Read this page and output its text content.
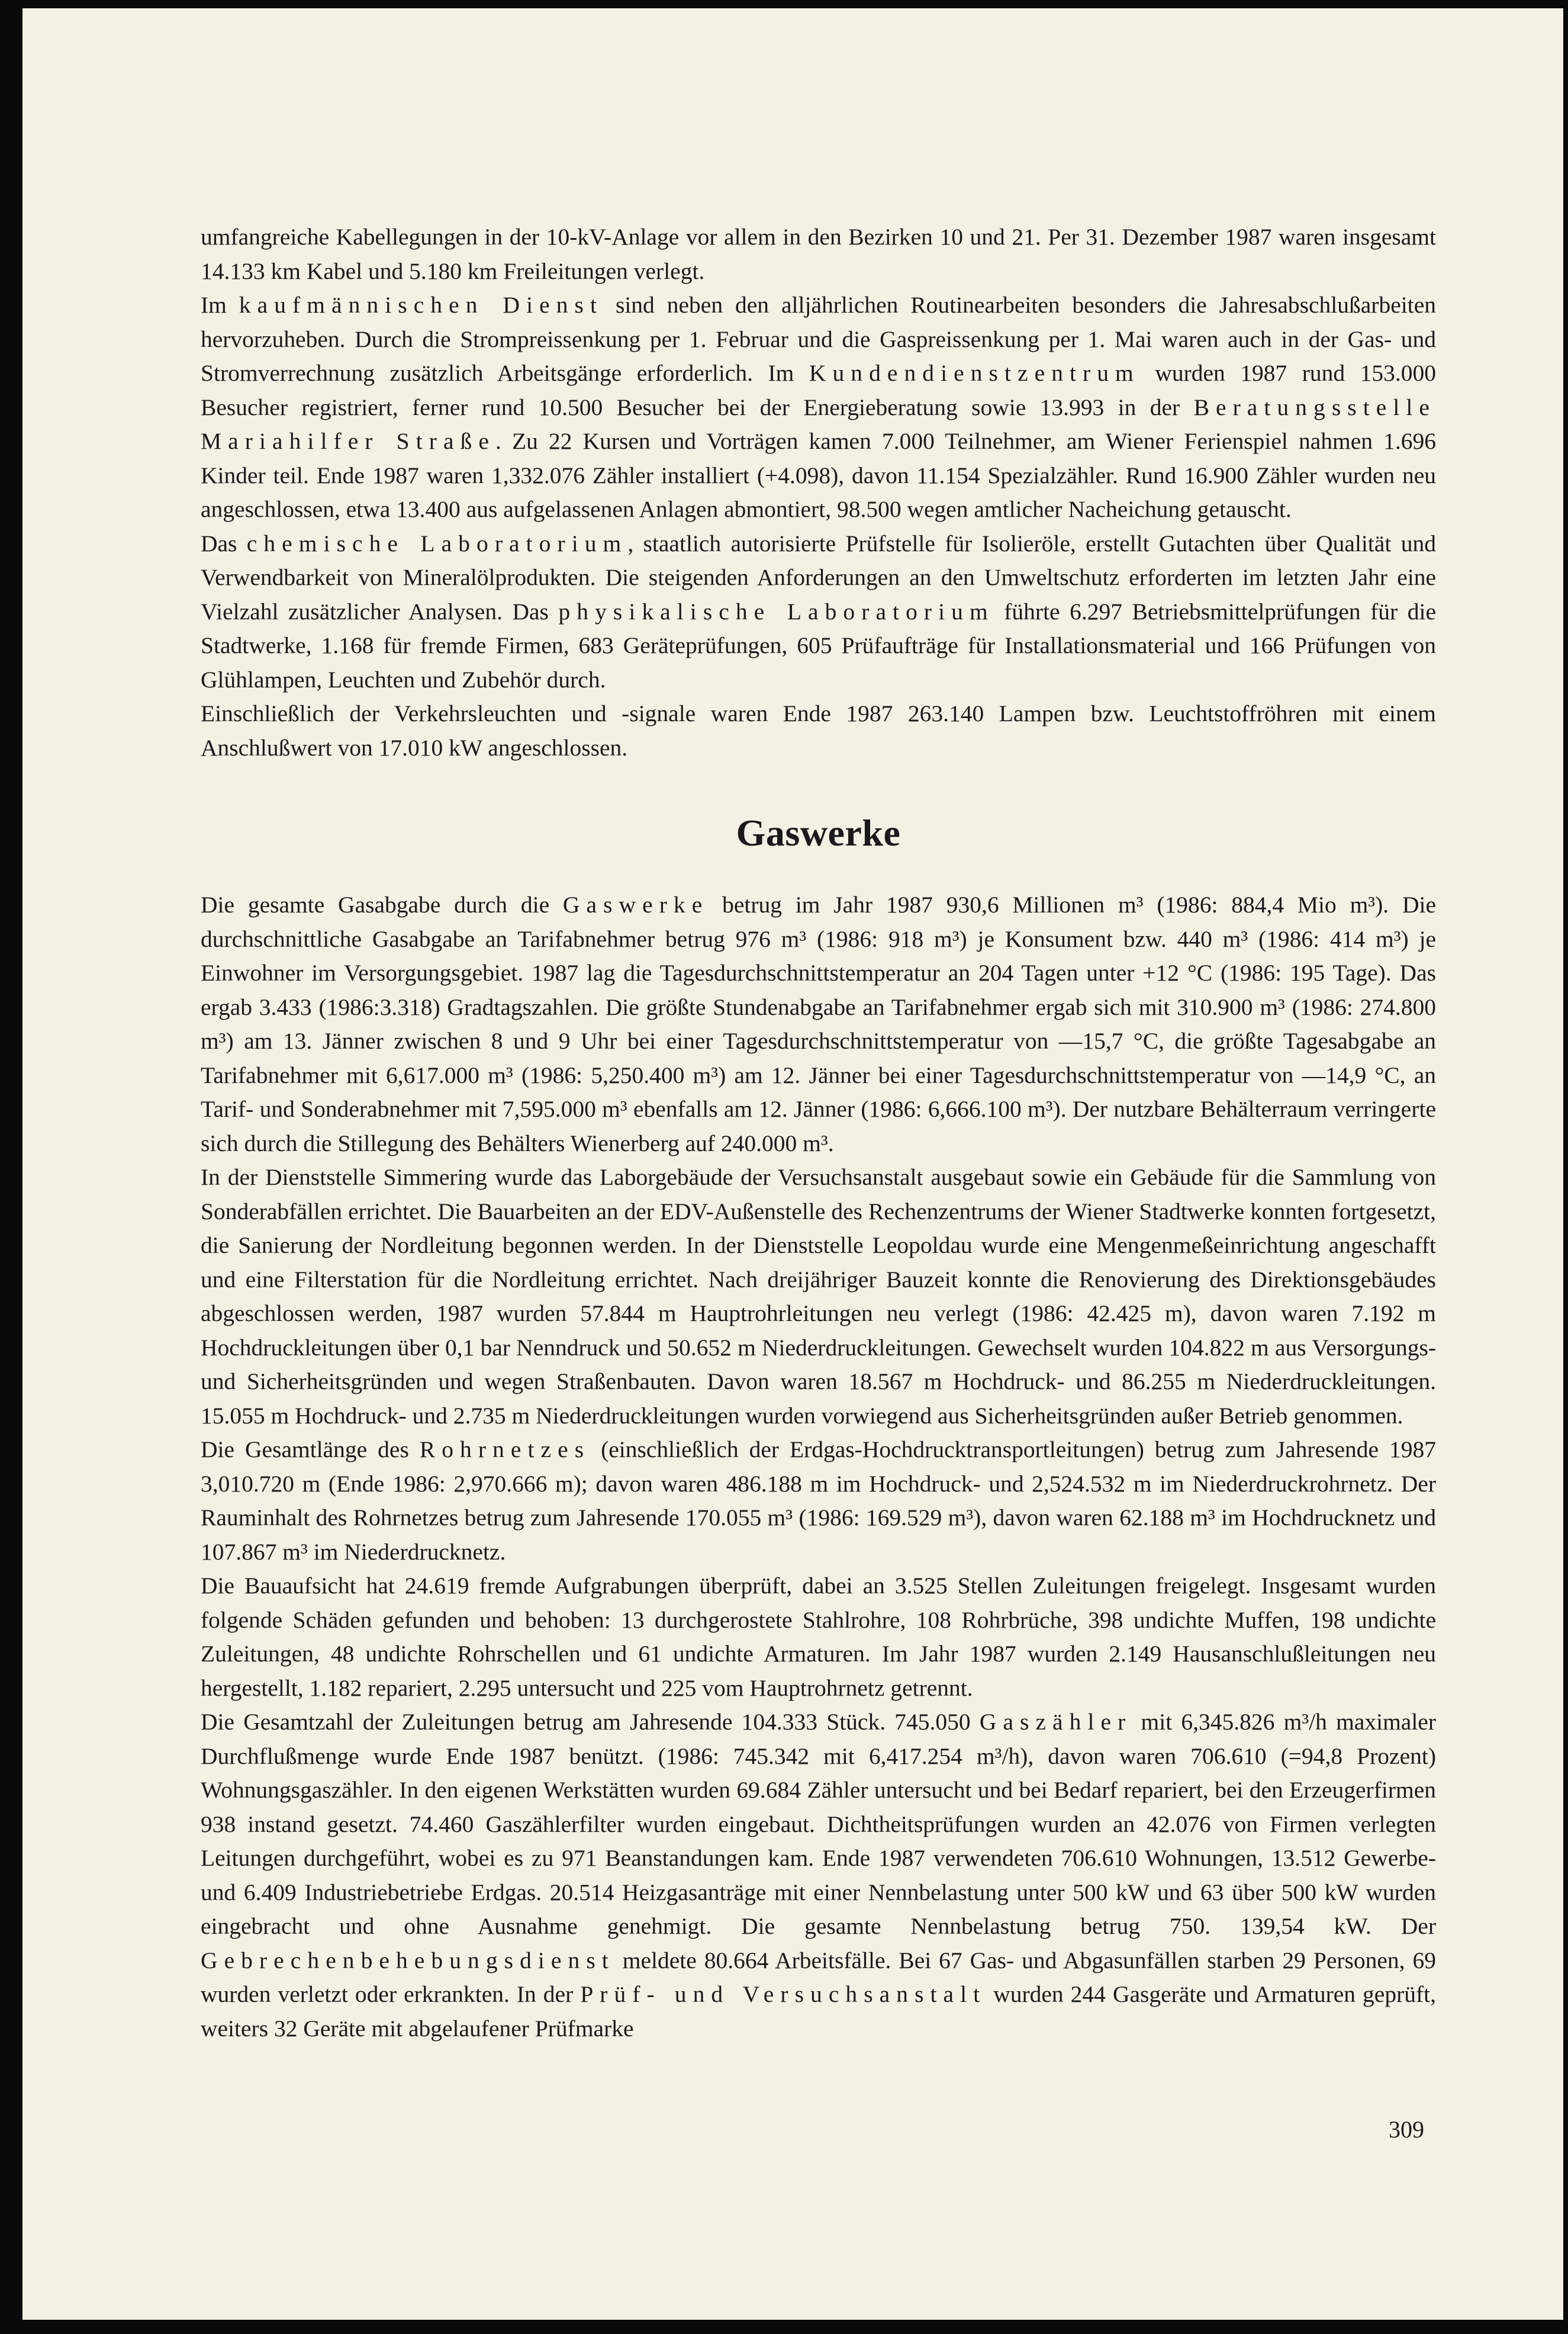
umfangreiche Kabellegungen in der 10-kV-Anlage vor allem in den Bezirken 10 und 21. Per 31. Dezember 1987 waren insgesamt 14.133 km Kabel und 5.180 km Freileitungen verlegt.

Im kaufmännischen Dienst sind neben den alljährlichen Routinearbeiten besonders die Jahresabschlußarbeiten hervorzuheben. Durch die Strompreissenkung per 1. Februar und die Gaspreissenkung per 1. Mai waren auch in der Gas- und Stromverrechnung zusätzlich Arbeitsgänge erforderlich. Im Kundendienstzentrum wurden 1987 rund 153.000 Besucher registriert, ferner rund 10.500 Besucher bei der Energieberatung sowie 13.993 in der Beratungsstelle Mariahilfer Straße. Zu 22 Kursen und Vorträgen kamen 7.000 Teilnehmer, am Wiener Ferienspiel nahmen 1.696 Kinder teil. Ende 1987 waren 1,332.076 Zähler installiert (+4.098), davon 11.154 Spezialzähler. Rund 16.900 Zähler wurden neu angeschlossen, etwa 13.400 aus aufgelassenen Anlagen abmontiert, 98.500 wegen amtlicher Nacheichung getauscht.

Das chemische Laboratorium, staatlich autorisierte Prüfstelle für Isolieröle, erstellt Gutachten über Qualität und Verwendbarkeit von Mineralölprodukten. Die steigenden Anforderungen an den Umweltschutz erforderten im letzten Jahr eine Vielzahl zusätzlicher Analysen. Das physikalische Laboratorium führte 6.297 Betriebsmittelprüfungen für die Stadtwerke, 1.168 für fremde Firmen, 683 Geräteprüfungen, 605 Prüfaufträge für Installationsmaterial und 166 Prüfungen von Glühlampen, Leuchten und Zubehör durch.

Einschließlich der Verkehrsleuchten und -signale waren Ende 1987 263.140 Lampen bzw. Leuchtstoffröhren mit einem Anschlußwert von 17.010 kW angeschlossen.

Gaswerke

Die gesamte Gasabgabe durch die Gaswerke betrug im Jahr 1987 930,6 Millionen m³ (1986: 884,4 Mio m³). Die durchschnittliche Gasabgabe an Tarifabnehmer betrug 976 m³ (1986: 918 m³) je Konsument bzw. 440 m³ (1986: 414 m³) je Einwohner im Versorgungsgebiet. 1987 lag die Tagesdurchschnittstemperatur an 204 Tagen unter +12 °C (1986: 195 Tage). Das ergab 3.433 (1986:3.318) Gradtagszahlen. Die größte Stundenabgabe an Tarifabnehmer ergab sich mit 310.900 m³ (1986: 274.800 m³) am 13. Jänner zwischen 8 und 9 Uhr bei einer Tagesdurchschnittstemperatur von —15,7 °C, die größte Tagesabgabe an Tarifabnehmer mit 6,617.000 m³ (1986: 5,250.400 m³) am 12. Jänner bei einer Tagesdurchschnittstemperatur von —14,9 °C, an Tarif- und Sonderabnehmer mit 7,595.000 m³ ebenfalls am 12. Jänner (1986: 6,666.100 m³). Der nutzbare Behälterraum verringerte sich durch die Stillegung des Behälters Wienerberg auf 240.000 m³.

In der Dienststelle Simmering wurde das Laborgebäude der Versuchsanstalt ausgebaut sowie ein Gebäude für die Sammlung von Sonderabfällen errichtet. Die Bauarbeiten an der EDV-Außenstelle des Rechenzentrums der Wiener Stadtwerke konnten fortgesetzt, die Sanierung der Nordleitung begonnen werden. In der Dienststelle Leopoldau wurde eine Mengenmeßeinrichtung angeschafft und eine Filterstation für die Nordleitung errichtet. Nach dreijähriger Bauzeit konnte die Renovierung des Direktionsgebäudes abgeschlossen werden, 1987 wurden 57.844 m Hauptrohrleitungen neu verlegt (1986: 42.425 m), davon waren 7.192 m Hochdruckleitungen über 0,1 bar Nenndruck und 50.652 m Niederdruckleitungen. Gewechselt wurden 104.822 m aus Versorgungs- und Sicherheitsgründen und wegen Straßenbauten. Davon waren 18.567 m Hochdruck- und 86.255 m Niederdruckleitungen. 15.055 m Hochdruck- und 2.735 m Niederdruckleitungen wurden vorwiegend aus Sicherheitsgründen außer Betrieb genommen.

Die Gesamtlänge des Rohrnetzes (einschließlich der Erdgas-Hochdrucktransportleitungen) betrug zum Jahresende 1987 3,010.720 m (Ende 1986: 2,970.666 m); davon waren 486.188 m im Hochdruck- und 2,524.532 m im Niederdruckrohrnetz. Der Rauminhalt des Rohrnetzes betrug zum Jahresende 170.055 m³ (1986: 169.529 m³), davon waren 62.188 m³ im Hochdrucknetz und 107.867 m³ im Niederdrucknetz.

Die Bauaufsicht hat 24.619 fremde Aufgrabungen überprüft, dabei an 3.525 Stellen Zuleitungen freigelegt. Insgesamt wurden folgende Schäden gefunden und behoben: 13 durchgerostete Stahlrohre, 108 Rohrbrüche, 398 undichte Muffen, 198 undichte Zuleitungen, 48 undichte Rohrschellen und 61 undichte Armaturen. Im Jahr 1987 wurden 2.149 Hausanschlußleitungen neu hergestellt, 1.182 repariert, 2.295 untersucht und 225 vom Hauptrohrnetz getrennt.

Die Gesamtzahl der Zuleitungen betrug am Jahresende 104.333 Stück. 745.050 Gaszähler mit 6,345.826 m³/h maximaler Durchflußmenge wurde Ende 1987 benützt. (1986: 745.342 mit 6,417.254 m³/h), davon waren 706.610 (=94,8 Prozent) Wohnungsgaszähler. In den eigenen Werkstätten wurden 69.684 Zähler untersucht und bei Bedarf repariert, bei den Erzeugerfirmen 938 instand gesetzt. 74.460 Gaszählerfilter wurden eingebaut. Dichtheitsprüfungen wurden an 42.076 von Firmen verlegten Leitungen durchgeführt, wobei es zu 971 Beanstandungen kam. Ende 1987 verwendeten 706.610 Wohnungen, 13.512 Gewerbe- und 6.409 Industriebetriebe Erdgas. 20.514 Heizgasanträge mit einer Nennbelastung unter 500 kW und 63 über 500 kW wurden eingebracht und ohne Ausnahme genehmigt. Die gesamte Nennbelastung betrug 750. 139,54 kW. Der Gebrechenbehebungsdienst meldete 80.664 Arbeitsfälle. Bei 67 Gas- und Abgasunfällen starben 29 Personen, 69 wurden verletzt oder erkrankten. In der Prüf- und Versuchsanstalt wurden 244 Gasgeräte und Armaturen geprüft, weiters 32 Geräte mit abgelaufener Prüfmarke

309
